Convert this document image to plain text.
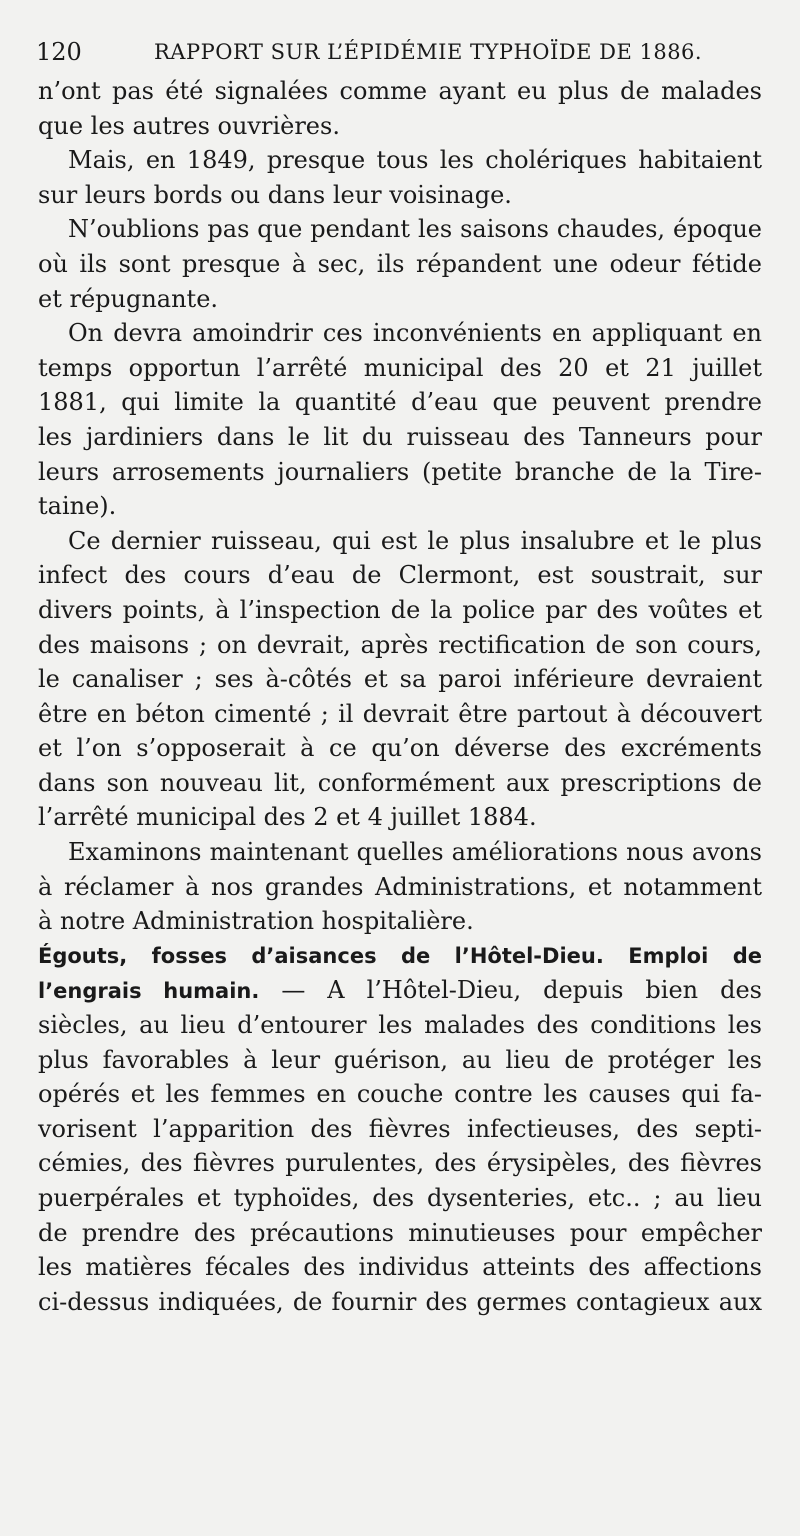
120	RAPPORT SUR L’ÉPIDÉMIE TYPHOÏDE DE 1886.
n’ont pas été signalées comme ayant eu plus de malades
que les autres ouvrières.
Mais, en 1849, presque tous les cholériques habitaient
sur leurs bords ou dans leur voisinage.
N’oublions pas que pendant les saisons chaudes, époque
où ils sont presque à sec, ils répandent une odeur fétide
et répugnante.
On devra amoindrir ces inconvénients en appliquant en
temps opportun l’arrêté municipal des 20 et 21 juillet
1881, qui limite la quantité d’eau que peuvent prendre
les jardiniers dans le lit du ruisseau des Tanneurs pour
leurs arrosements journaliers (petite branche de la Tire-
taine).
Ce dernier ruisseau, qui est le plus insalubre et le plus
infect des cours d’eau de Clermont, est soustrait, sur
divers points, à l’inspection de la police par des voûtes et
des maisons ; on devrait, après rectification de son cours,
le canaliser ; ses à-côtés et sa paroi inférieure devraient
être en béton cimenté ; il devrait être partout à découvert
et l’on s’opposerait à ce qu’on déverse des excréments
dans son nouveau lit, conformément aux prescriptions de
l’arrêté municipal des 2 et 4 juillet 1884.
Examinons maintenant quelles améliorations nous avons
à réclamer à nos grandes Administrations, et notamment
à notre Administration hospitalière.
Égouts, fosses d’aisances de l’Hôtel-Dieu. Emploi de
l’engrais humain. — A l’Hôtel-Dieu, depuis bien des
siècles, au lieu d’entourer les malades des conditions les
plus favorables à leur guérison, au lieu de protéger les
opérés et les femmes en couche contre les causes qui fa-
vorisent l’apparition des fièvres infectieuses, des septi-
cémies, des fièvres purulentes, des érysipèles, des fièvres
puerpérales et typhoïdes, des dysenteries, etc.. ; au lieu
de prendre des précautions minutieuses pour empêcher
les matières fécales des individus atteints des affections
ci-dessus indiquées, de fournir des germes contagieux aux
